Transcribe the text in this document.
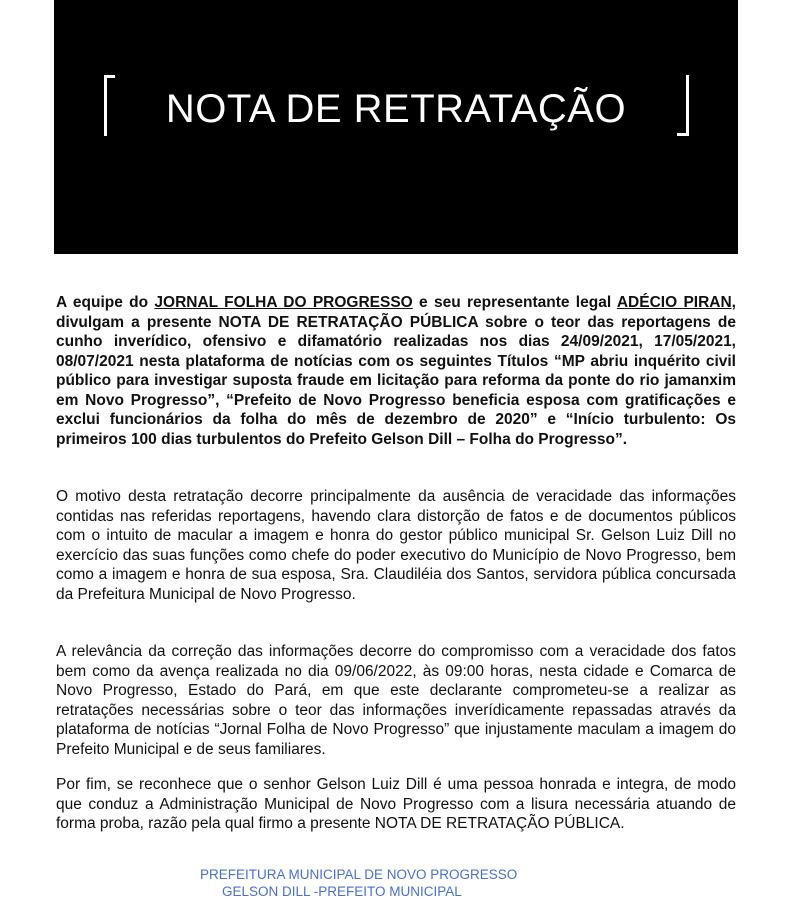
NOTA DE RETRATAÇÃO

A equipe do JORNAL FOLHA DO PROGRESSO e seu representante legal ADÉCIO PIRAN, divulgam a presente NOTA DE RETRATAÇÃO PÚBLICA sobre o teor das reportagens de cunho inverídico, ofensivo e difamatório realizadas nos dias 24/09/2021, 17/05/2021, 08/07/2021 nesta plataforma de notícias com os seguintes Títulos “MP abriu inquérito civil público para investigar suposta fraude em licitação para reforma da ponte do rio jamanxim em Novo Progresso”, “Prefeito de Novo Progresso beneficia esposa com gratificações e exclui funcionários da folha do mês de dezembro de 2020” e “Início turbulento: Os primeiros 100 dias turbulentos do Prefeito Gelson Dill – Folha do Progresso”.

O motivo desta retratação decorre principalmente da ausência de veracidade das informações contidas nas referidas reportagens, havendo clara distorção de fatos e de documentos públicos com o intuito de macular a imagem e honra do gestor público municipal Sr. Gelson Luiz Dill no exercício das suas funções como chefe do poder executivo do Município de Novo Progresso, bem como a imagem e honra de sua esposa, Sra. Claudiléia dos Santos, servidora pública concursada da Prefeitura Municipal de Novo Progresso.

A relevância da correção das informações decorre do compromisso com a veracidade dos fatos bem como da avença realizada no dia 09/06/2022, às 09:00 horas, nesta cidade e Comarca de Novo Progresso, Estado do Pará, em que este declarante comprometeu-se a realizar as retratações necessárias sobre o teor das informações inverídicamente repassadas através da plataforma de notícias “Jornal Folha de Novo Progresso” que injustamente maculam a imagem do Prefeito Municipal e de seus familiares.

Por fim, se reconhece que o senhor Gelson Luiz Dill é uma pessoa honrada e integra, de modo que conduz a Administração Municipal de Novo Progresso com a lisura necessária atuando de forma proba, razão pela qual firmo a presente NOTA DE RETRATAÇÃO PÚBLICA.

PREFEITURA MUNICIPAL DE NOVO PROGRESSO
GELSON DILL -PREFEITO MUNICIPAL
